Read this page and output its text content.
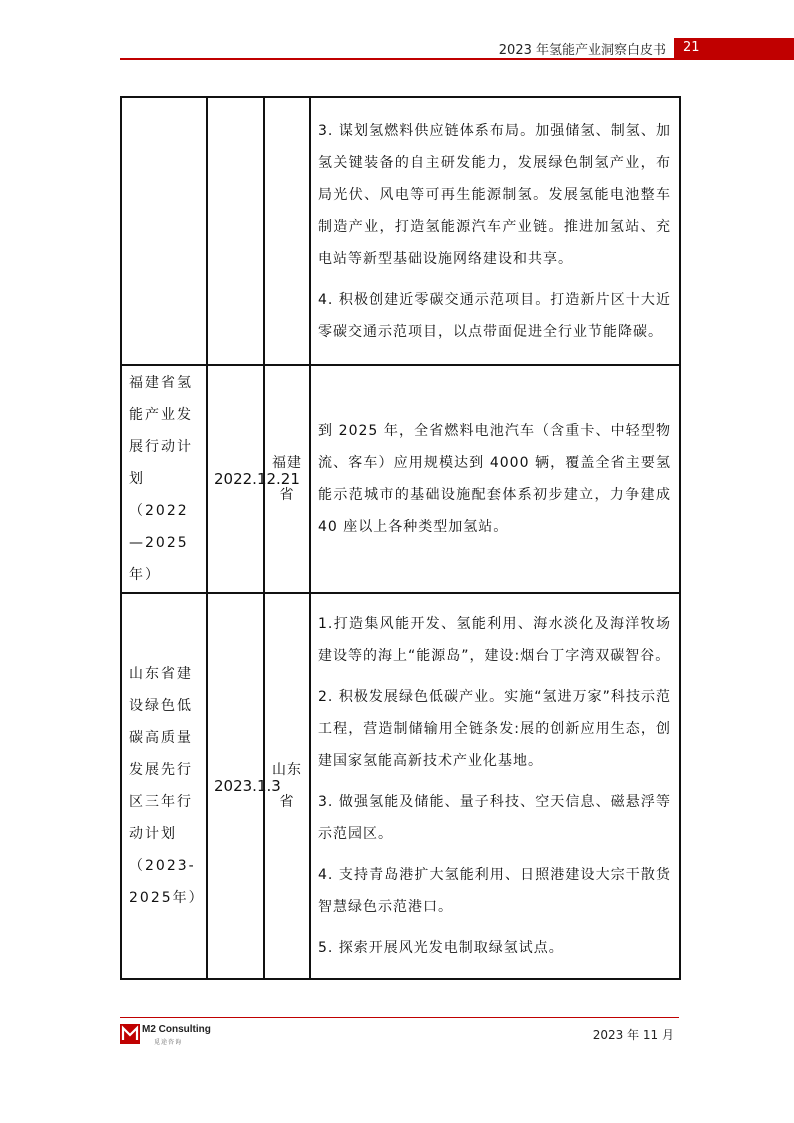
2023 年氢能产业洞察白皮书	21

			3. 谋划氢燃料供应链体系布局。加强储氢、制氢、加氢关键装备的自主研发能力，发展绿色制氢产业，布局光伏、风电等可再生能源制氢。发展氢能电池整车制造产业，打造氢能源汽车产业链。推进加氢站、充电站等新型基础设施网络建设和共享。

4. 积极创建近零碳交通示范项目。打造新片区十大近零碳交通示范项目，以点带面促进全行业节能降碳。

福建省氢能产业发展行动计划（2022—2025年）	2022.12.21	福建省	到 2025 年，全省燃料电池汽车（含重卡、中轻型物流、客车）应用规模达到 4000 辆，覆盖全省主要氢能示范城市的基础设施配套体系初步建立，力争建成 40 座以上各种类型加氢站。

山东省建设绿色低碳高质量发展先行区三年行动计划（2023-2025年）	2023.1.3	山东省	1.打造集风能开发、氢能利用、海水淡化及海洋牧场建设等的海上“能源岛”，建设:烟台丁字湾双碳智谷。

2. 积极发展绿色低碳产业。实施“氢进万家”科技示范工程，营造制储输用全链条发:展的创新应用生态，创建国家氢能高新技术产业化基地。

3. 做强氢能及储能、量子科技、空天信息、磁悬浮等示范园区。

4. 支持青岛港扩大氢能利用、日照港建设大宗干散货智慧绿色示范港口。

5. 探索开展风光发电制取绿氢试点。

M2 Consulting
觅途咨询
2023 年 11 月
